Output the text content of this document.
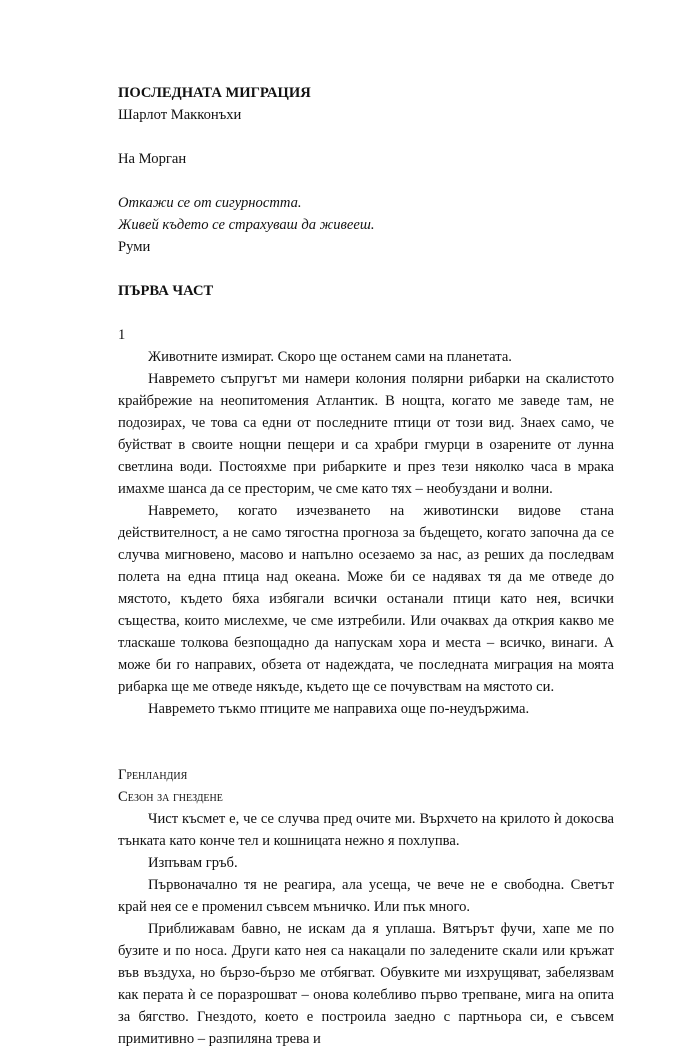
ПОСЛЕДНАТА МИГРАЦИЯ

Шарлот Макконъхи

На Морган

Откажи се от сигурността.

Живей където се страхуваш да живееш.

Руми

ПЪРВА ЧАСТ

1

Животните измират. Скоро ще останем сами на планетата.

Навремето съпругът ми намери колония полярни рибарки на скалистото крайбрежие на неопитомения Атлантик. В нощта, когато ме заведе там, не подозирах, че това са едни от последните птици от този вид. Знаех само, че буйстват в своите нощни пещери и са храбри гмурци в озарените от лунна светлина води. Постояхме при рибарките и през тези няколко часа в мрака имахме шанса да се престорим, че сме като тях – необуздани и волни.

Навремето, когато изчезването на животински видове стана действителност, а не само тягостна прогноза за бъдещето, когато започна да се случва мигновено, масово и напълно осезаемо за нас, аз реших да последвам полета на една птица над океана. Може би се надявах тя да ме отведе до мястото, където бяха избягали всички останали птици като нея, всички същества, които мислехме, че сме изтребили. Или очаквах да открия какво ме тласкаше толкова безпощадно да напускам хора и места – всичко, винаги. А може би го направих, обзета от надеждата, че последната миграция на моята рибарка ще ме отведе някъде, където ще се почувствам на мястото си.

Навремето тъкмо птиците ме направиха още по-неудържима.

Гренландия

Сезон за гнездене

Чист късмет е, че се случва пред очите ми. Върхчето на крилото ѝ докосва тънката като конче тел и кошницата нежно я похлупва.

Изпъвам гръб.

Първоначално тя не реагира, ала усеща, че вече не е свободна. Светът край нея се е променил съвсем мъничко. Или пък много.

Приближавам бавно, не искам да я уплаша. Вятърът фучи, хапе ме по бузите и по носа. Други като нея са накацали по заледените скали или кръжат във въздуха, но бързо-бързо ме отбягват. Обувките ми изхрущяват, забелязвам как перата ѝ се поразрошват – онова колебливо първо трепване, мига на опита за бягство. Гнездото, което е построила заедно с партньора си, е съвсем примитивно – разпиляна трева и
